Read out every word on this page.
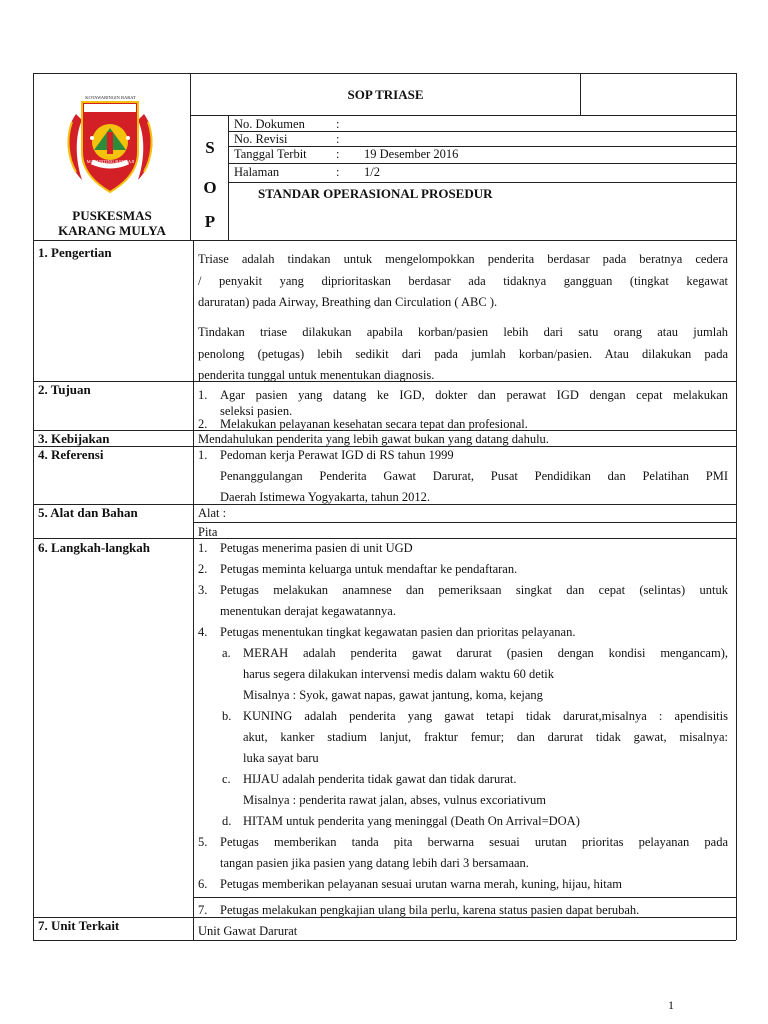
KOTAWARINGIN BARAT
MARUNTING BATU AJI
PUSKESMAS
KARANG MULYA
SOP TRIASE
S
O
P
No. Dokumen :
No. Revisi	:
Tanggal Terbit : 19 Desember 2016
Halaman	: 1/2
STANDAR OPERASIONAL PROSEDUR
1. Pengertian
2. Tujuan
3. Kebijakan
4. Referensi
5. Alat dan Bahan
6. Langkah-langkah
7. Unit Terkait
Triase adalah tindakan untuk mengelompokkan penderita berdasar pada beratnya cedera
/ penyakit yang diprioritaskan berdasar ada tidaknya gangguan (tingkat kegawat
daruratan) pada Airway, Breathing dan Circulation ( ABC ).
Tindakan triase dilakukan apabila korban/pasien lebih dari satu orang atau jumlah
penolong (petugas) lebih sedikit dari pada jumlah korban/pasien. Atau dilakukan pada
penderita tunggal untuk menentukan diagnosis.
1. Agar pasien yang datang ke IGD, dokter dan perawat IGD dengan cepat melakukan
seleksi pasien.
2. Melakukan pelayanan kesehatan secara tepat dan profesional.
Mendahulukan penderita yang lebih gawat bukan yang datang dahulu.
1. Pedoman kerja Perawat IGD di RS tahun 1999
Penanggulangan Penderita Gawat Darurat, Pusat Pendidikan dan Pelatihan PMI
Daerah Istimewa Yogyakarta, tahun 2012.
Alat :
Pita
1. Petugas menerima pasien di unit UGD
2. Petugas meminta keluarga untuk mendaftar ke pendaftaran.
3. Petugas melakukan anamnese dan pemeriksaan singkat dan cepat (selintas) untuk
menentukan derajat kegawatannya.
4. Petugas menentukan tingkat kegawatan pasien dan prioritas pelayanan.
a. MERAH adalah penderita gawat darurat (pasien dengan kondisi mengancam),
harus segera dilakukan intervensi medis dalam waktu 60 detik
Misalnya : Syok, gawat napas, gawat jantung, koma, kejang
b. KUNING adalah penderita yang gawat tetapi tidak darurat,misalnya : apendisitis
akut, kanker stadium lanjut, fraktur femur; dan darurat tidak gawat, misalnya:
luka sayat baru
c. HIJAU adalah penderita tidak gawat dan tidak darurat.
Misalnya : penderita rawat jalan, abses, vulnus excoriativum
d. HITAM untuk penderita yang meninggal (Death On Arrival=DOA)
5. Petugas memberikan tanda pita berwarna sesuai urutan prioritas pelayanan pada
tangan pasien jika pasien yang datang lebih dari 3 bersamaan.
6. Petugas memberikan pelayanan sesuai urutan warna merah, kuning, hijau, hitam
7. Petugas melakukan pengkajian ulang bila perlu, karena status pasien dapat berubah.
Unit Gawat Darurat
1
